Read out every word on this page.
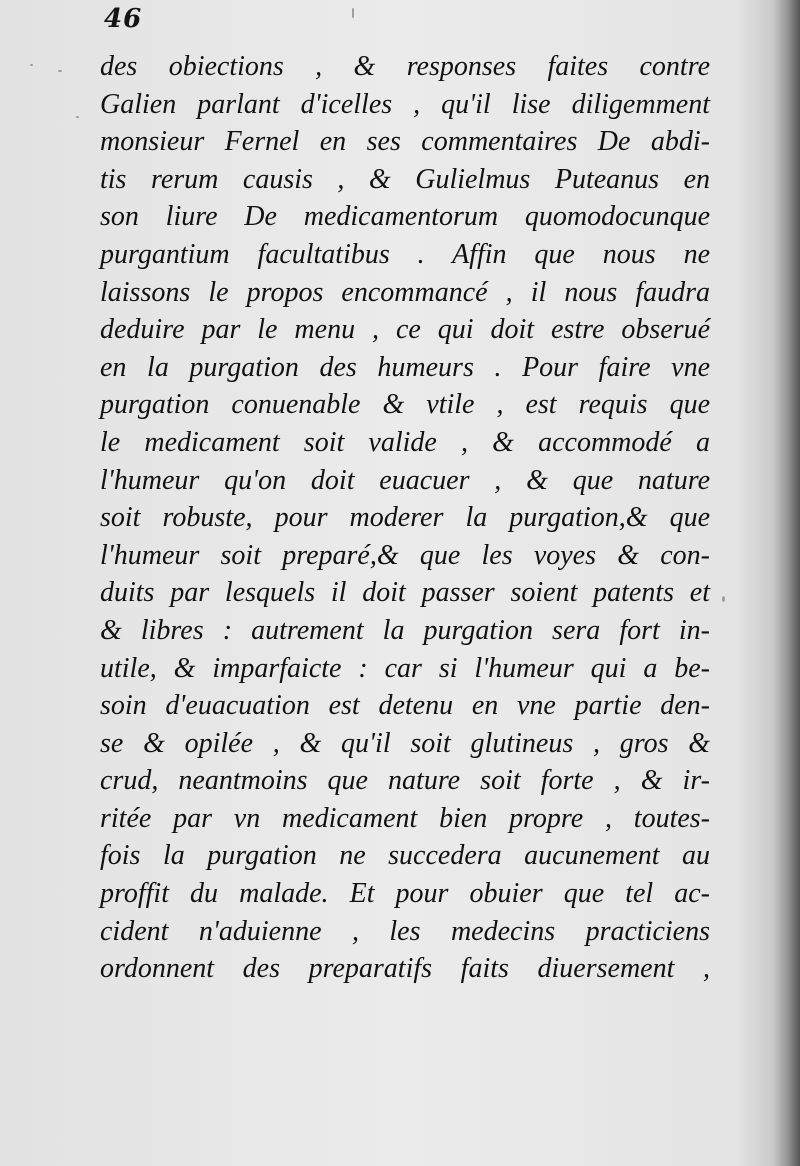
46
des obiections , & responses faites contre
Galien parlant d'icelles , qu'il lise diligemment
monsieur Fernel en ses commentaires De abdi-
tis rerum causis , & Gulielmus Puteanus en
son liure De medicamentorum quomodocunque
purgantium facultatibus . Affin que nous ne
laissons le propos encommancé , il nous faudra
deduire par le menu , ce qui doit estre obserué
en la purgation des humeurs . Pour faire vne
purgation conuenable & vtile , est requis que
le medicament soit valide , & accommodé a
l'humeur qu'on doit euacuer , & que nature
soit robuste, pour moderer la purgation,& que
l'humeur soit preparé,& que les voyes & con-
duits par lesquels il doit passer soient patents et
& libres : autrement la purgation sera fort in-
utile, & imparfaicte : car si l'humeur qui a be-
soin d'euacuation est detenu en vne partie den-
se & opilée , & qu'il soit glutineus , gros &
crud, neantmoins que nature soit forte , & ir-
ritée par vn medicament bien propre , toutes-
fois la purgation ne succedera aucunement au
proffit du malade. Et pour obuier que tel ac-
cident n'aduienne , les medecins practiciens
ordonnent des preparatifs faits diuersement ,
